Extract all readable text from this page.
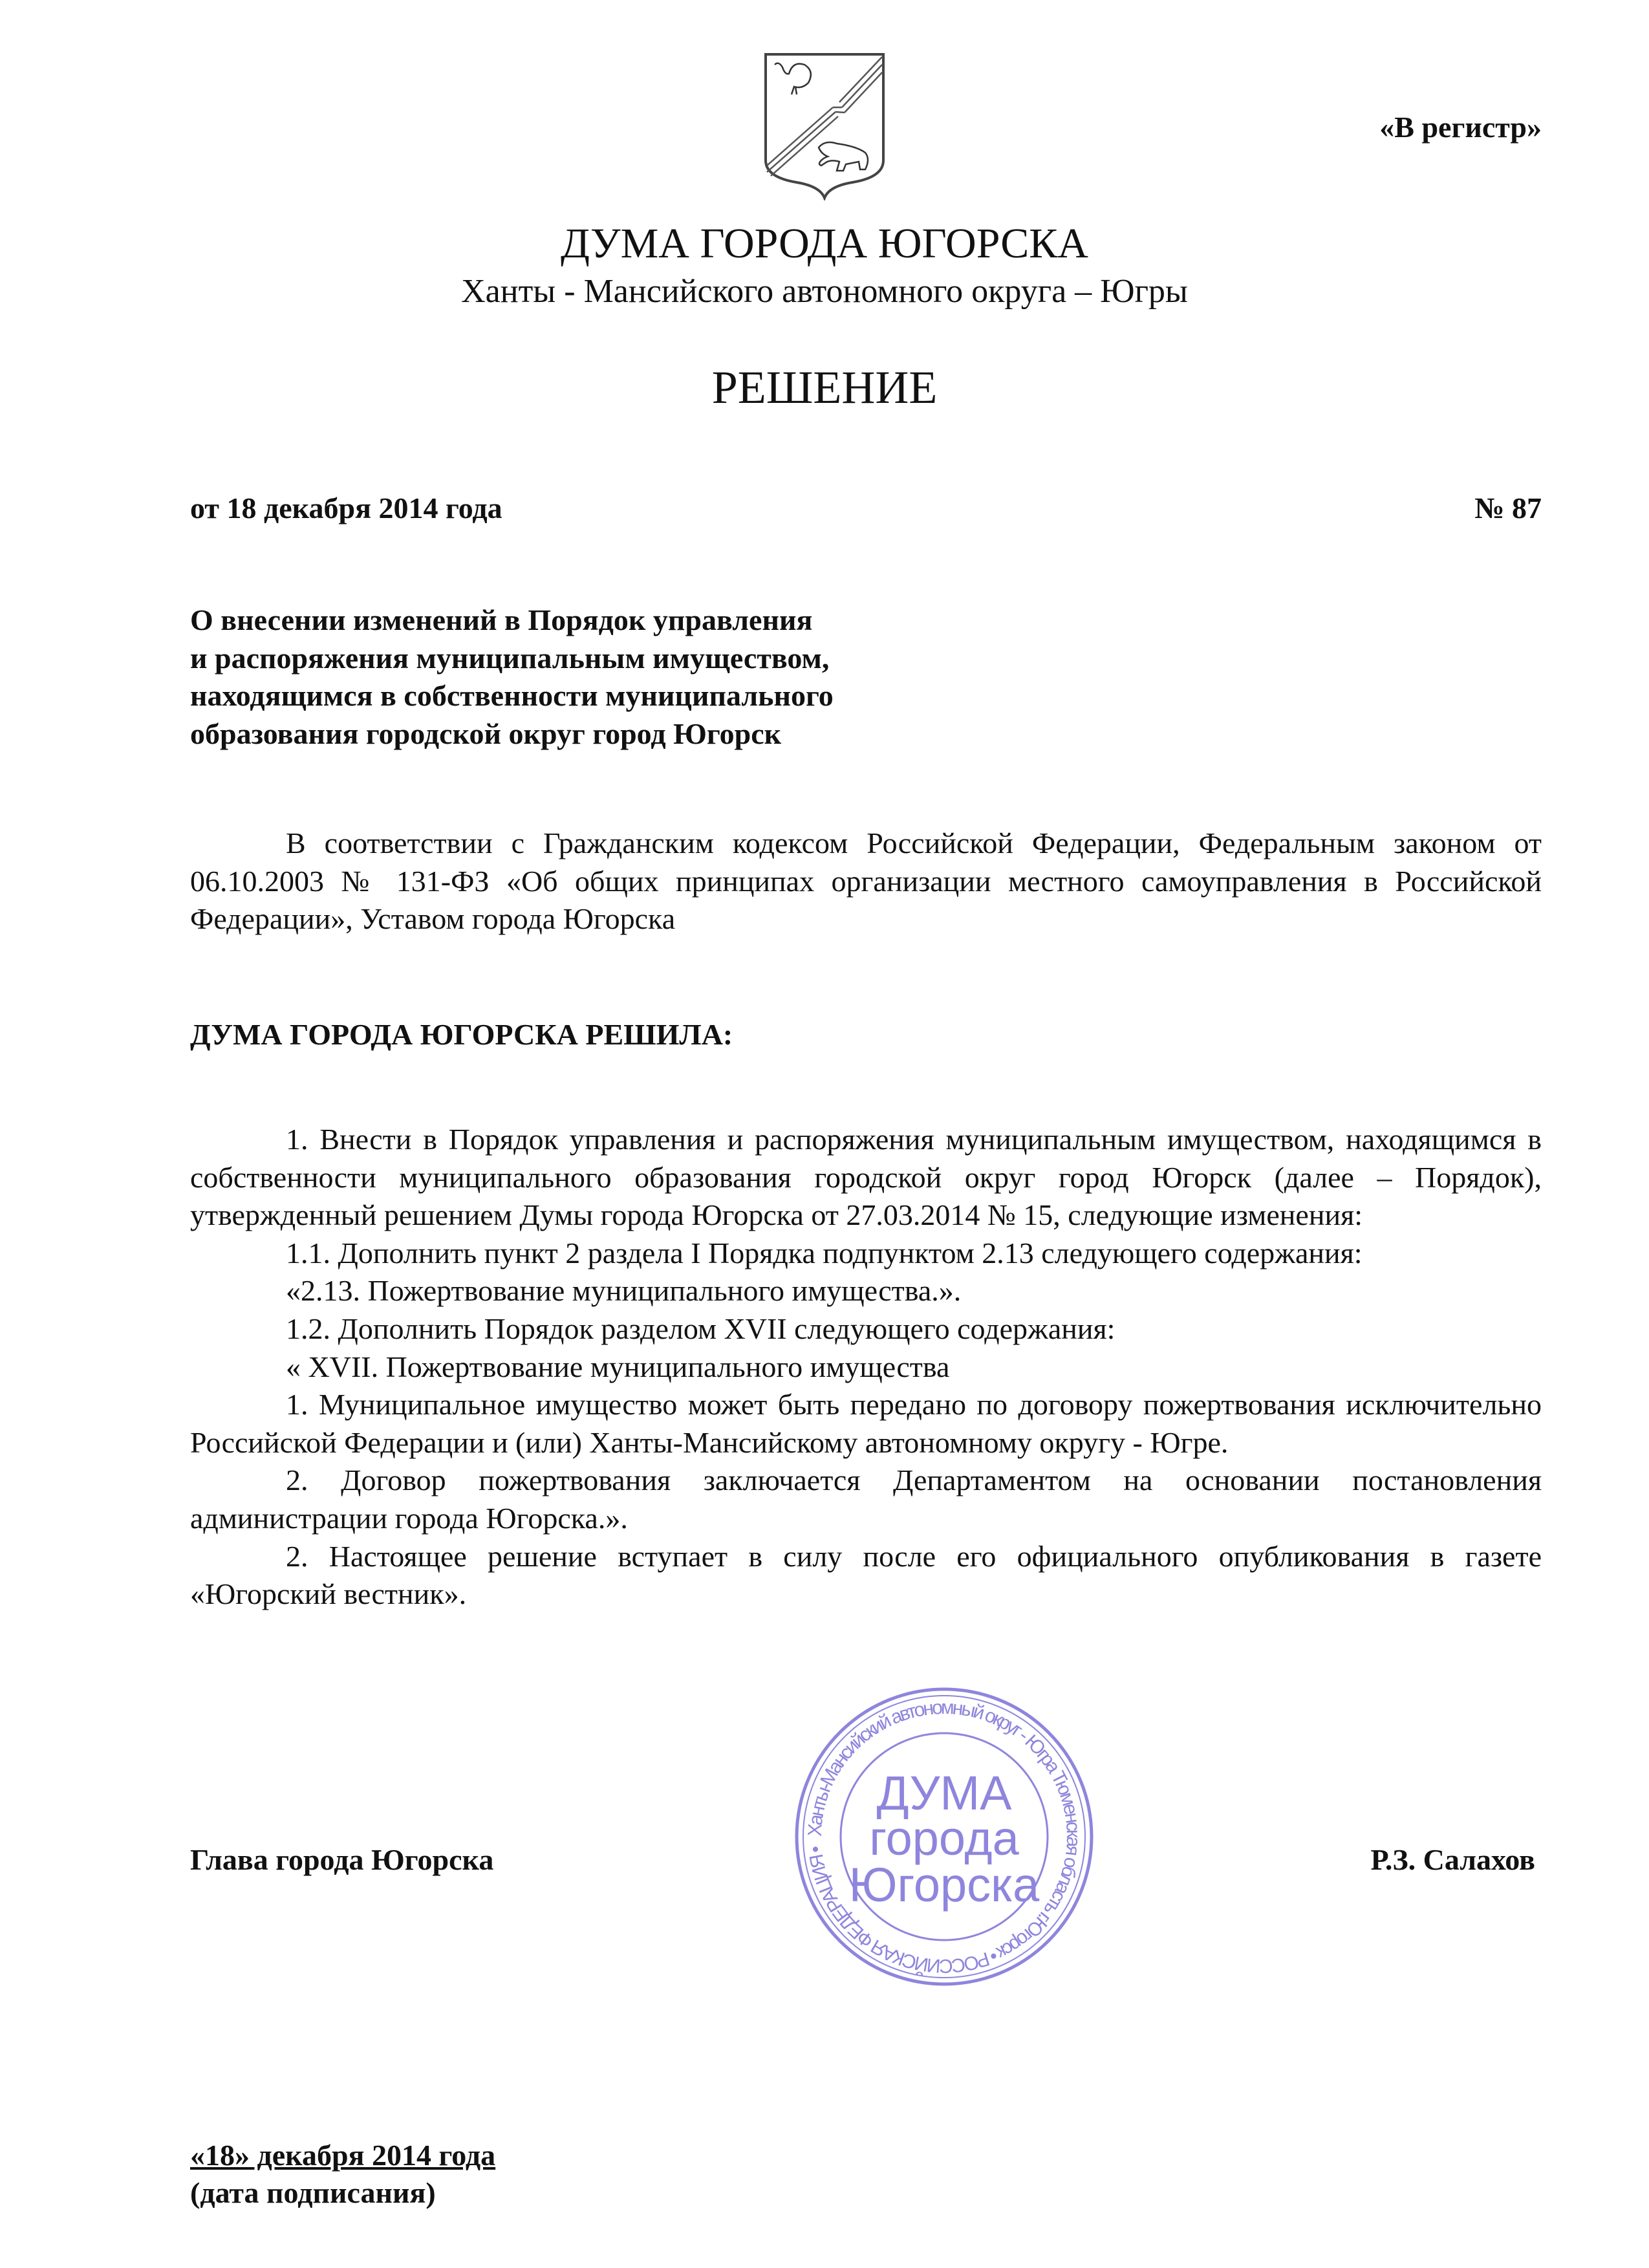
«В регистр»
ДУМА ГОРОДА ЮГОРСКА
Ханты - Мансийского автономного округа – Югры
РЕШЕНИЕ
от 18 декабря 2014 года	№ 87
О внесении изменений в Порядок управления
и распоряжения муниципальным имуществом,
находящимся в собственности муниципального
образования городской округ город Югорск

В соответствии с Гражданским кодексом Российской Федерации, Федеральным законом от 06.10.2003 № 131-ФЗ «Об общих принципах организации местного самоуправления в Российской Федерации», Уставом города Югорска

ДУМА ГОРОДА ЮГОРСКА РЕШИЛА:

1. Внести в Порядок управления и распоряжения муниципальным имуществом, находящимся в собственности муниципального образования городской округ город Югорск (далее – Порядок), утвержденный решением Думы города Югорска от 27.03.2014 № 15, следующие изменения:

1.1. Дополнить пункт 2 раздела I Порядка подпунктом 2.13 следующего содержания:

«2.13. Пожертвование муниципального имущества.».

1.2. Дополнить Порядок разделом XVII следующего содержания:

« XVII. Пожертвование муниципального имущества

1. Муниципальное имущество может быть передано по договору пожертвования исключительно Российской Федерации и (или) Ханты-Мансийскому автономному округу - Югре.

2. Договор пожертвования заключается Департаментом на основании постановления администрации города Югорска.».

2. Настоящее решение вступает в силу после его официального опубликования в газете «Югорский вестник».

Глава города Югорска	Р.З. Салахов
Ханты-Мансийский автономный округ - Югра Тюменская область г.Югорск • РОССИЙСКАЯ ФЕДЕРАЦИЯ •
ДУМА
города
Югорска
«18» декабря 2014 года
(дата подписания)
